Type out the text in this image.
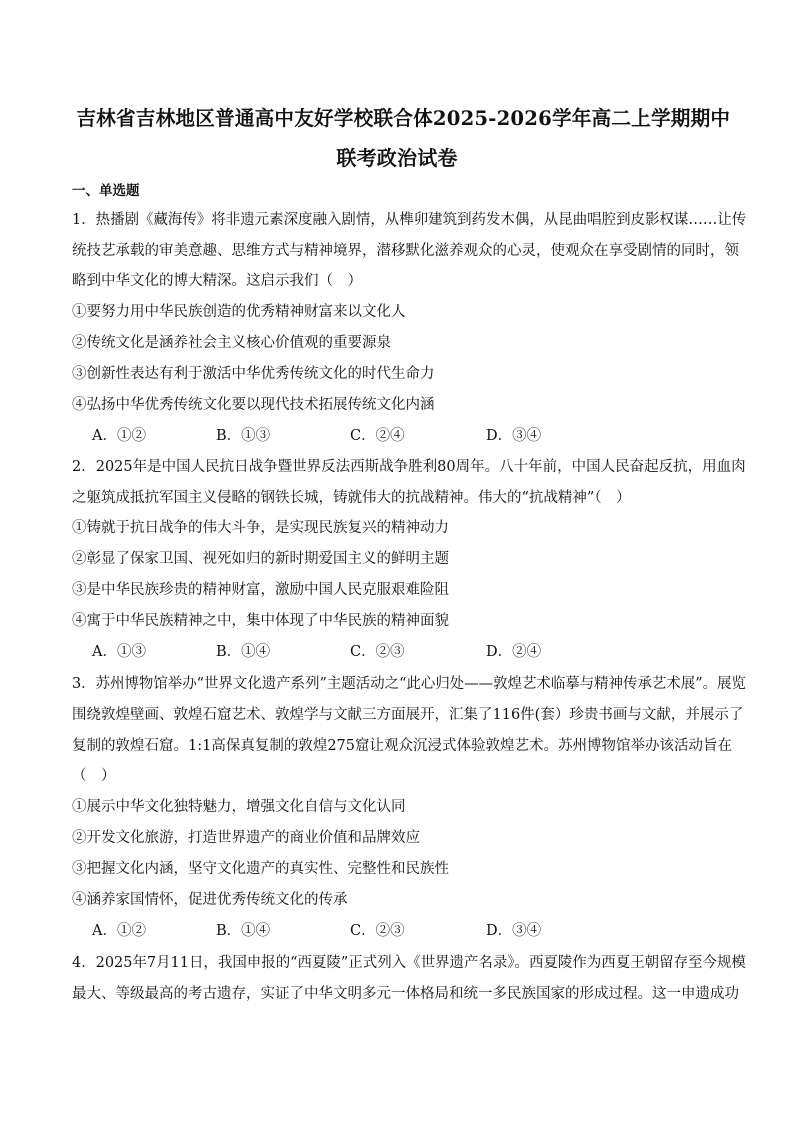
吉林省吉林地区普通高中友好学校联合体2025-2026学年高二上学期期中
联考政治试卷
一、单选题
1．热播剧《藏海传》将非遗元素深度融入剧情，从榫卯建筑到药发木偶，从昆曲唱腔到皮影权谋……让传
统技艺承载的审美意趣、思维方式与精神境界，潜移默化滋养观众的心灵，使观众在享受剧情的同时，领
略到中华文化的博大精深。这启示我们（　）
①要努力用中华民族创造的优秀精神财富来以文化人
②传统文化是涵养社会主义核心价值观的重要源泉
③创新性表达有利于激活中华优秀传统文化的时代生命力
④弘扬中华优秀传统文化要以现代技术拓展传统文化内涵
A．①②	B．①③	C．②④	D．③④
2．2025年是中国人民抗日战争暨世界反法西斯战争胜利80周年。八十年前，中国人民奋起反抗，用血肉
之躯筑成抵抗军国主义侵略的钢铁长城，铸就伟大的抗战精神。伟大的“抗战精神”（　）
①铸就于抗日战争的伟大斗争，是实现民族复兴的精神动力
②彰显了保家卫国、视死如归的新时期爱国主义的鲜明主题
③是中华民族珍贵的精神财富，激励中国人民克服艰难险阻
④寓于中华民族精神之中，集中体现了中华民族的精神面貌
A．①③	B．①④	C．②③	D．②④
3．苏州博物馆举办“世界文化遗产系列”主题活动之“此心归处——敦煌艺术临摹与精神传承艺术展”。展览
围绕敦煌壁画、敦煌石窟艺术、敦煌学与文献三方面展开，汇集了116件(套）珍贵书画与文献，并展示了
复制的敦煌石窟。1:1高保真复制的敦煌275窟让观众沉浸式体验敦煌艺术。苏州博物馆举办该活动旨在
（　）
①展示中华文化独特魅力，增强文化自信与文化认同
②开发文化旅游，打造世界遗产的商业价值和品牌效应
③把握文化内涵，坚守文化遗产的真实性、完整性和民族性
④涵养家国情怀，促进优秀传统文化的传承
A．①②	B．①④	C．②③	D．③④
4．2025年7月11日，我国申报的“西夏陵”正式列入《世界遗产名录》。西夏陵作为西夏王朝留存至今规模
最大、等级最高的考古遗存，实证了中华文明多元一体格局和统一多民族国家的形成过程。这一申遗成功
